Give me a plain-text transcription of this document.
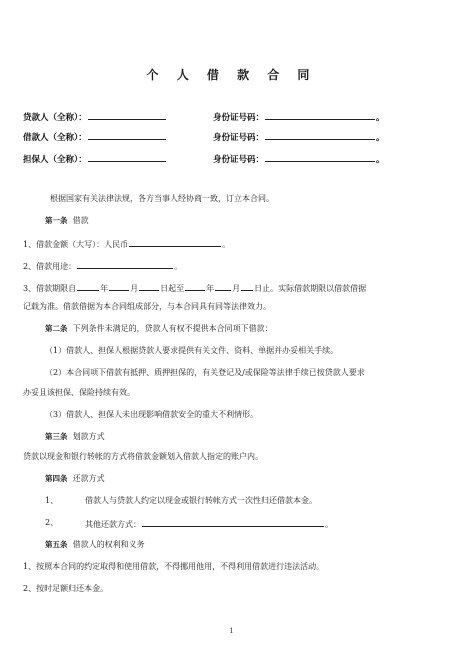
个 人 借 款 合 同
贷款人（全称）：	身份证号码：	。
借款人（全称）：	身份证号码：	。
担保人（全称）：	身份证号码：	。
根据国家有关法律法规，各方当事人经协商一致，订立本合同。
第一条 借款
1、借款金额（大写）：人民币	。
2、借款用途：	。
3、借款期限自	年	月	日起至	年 月 日止。实际借款期限以借款借据
记载为准。借款借据为本合同组成部分，与本合同具有同等法律效力。
第二条 下列条件未满足的，贷款人有权不提供本合同项下借款：
（1）借款人、担保人根据贷款人要求提供有关文件、资料、单据并办妥相关手续。
（2）本合同项下借款有抵押、质押担保的，有关登记及/或保险等法律手续已按贷款人要求
办妥且该担保、保险持续有效。
（3）借款人、担保人未出现影响借款安全的重大不利情形。
第三条 划款方式
贷款以现金和银行转帐的方式将借款金额划入借款人指定的账户内。
第四条 还款方式
1、	借款人与贷款人约定以现金或银行转帐方式一次性归还借款本金。
2、	其他还款方式：	。
第五条 借款人的权利和义务
1、按照本合同的约定取得和使用借款，不得挪用他用，不得利用借款进行违法活动。
2、按时足额归还本金。
1
